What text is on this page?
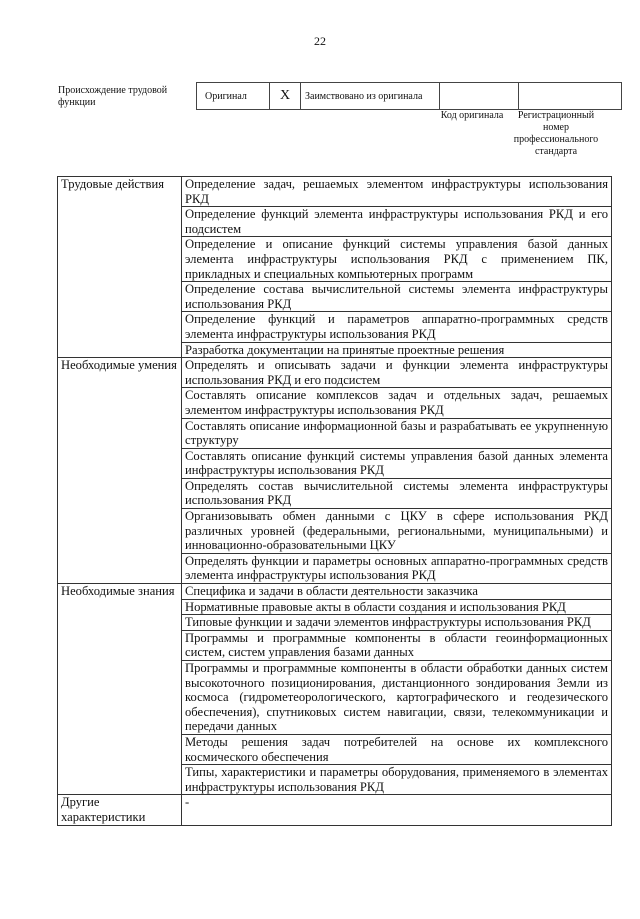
22
Происхождение трудовой функции
Оригинал	X	Заимствовано из оригинала		
Код оригинала	Регистрационный номер профессионального стандарта
Трудовые действия	Определение задач, решаемых элементом инфраструктуры использования РКД
	Определение функций элемента инфраструктуры использования РКД и его подсистем
	Определение и описание функций системы управления базой данных элемента инфраструктуры использования РКД с применением ПК, прикладных и специальных компьютерных программ
	Определение состава вычислительной системы элемента инфраструктуры использования РКД
	Определение функций и параметров аппаратно-программных средств элемента инфраструктуры использования РКД
	Разработка документации на принятые проектные решения
Необходимые умения	Определять и описывать задачи и функции элемента инфраструктуры использования РКД и его подсистем
	Составлять описание комплексов задач и отдельных задач, решаемых элементом инфраструктуры использования РКД
	Составлять описание информационной базы и разрабатывать ее укрупненную структуру
	Составлять описание функций системы управления базой данных элемента инфраструктуры использования РКД
	Определять состав вычислительной системы элемента инфраструктуры использования РКД
	Организовывать обмен данными с ЦКУ в сфере использования РКД различных уровней (федеральными, региональными, муниципальными) и инновационно-образовательными ЦКУ
	Определять функции и параметры основных аппаратно-программных средств элемента инфраструктуры использования РКД
Необходимые знания	Специфика и задачи в области деятельности заказчика
	Нормативные правовые акты в области создания и использования РКД
	Типовые функции и задачи элементов инфраструктуры использования РКД
	Программы и программные компоненты в области геоинформационных систем, систем управления базами данных
	Программы и программные компоненты в области обработки данных систем высокоточного позиционирования, дистанционного зондирования Земли из космоса (гидрометеорологического, картографического и геодезического обеспечения), спутниковых систем навигации, связи, телекоммуникации и передачи данных
	Методы решения задач потребителей на основе их комплексного космического обеспечения
	Типы, характеристики и параметры оборудования, применяемого в элементах инфраструктуры использования РКД
Другие характеристики	-
